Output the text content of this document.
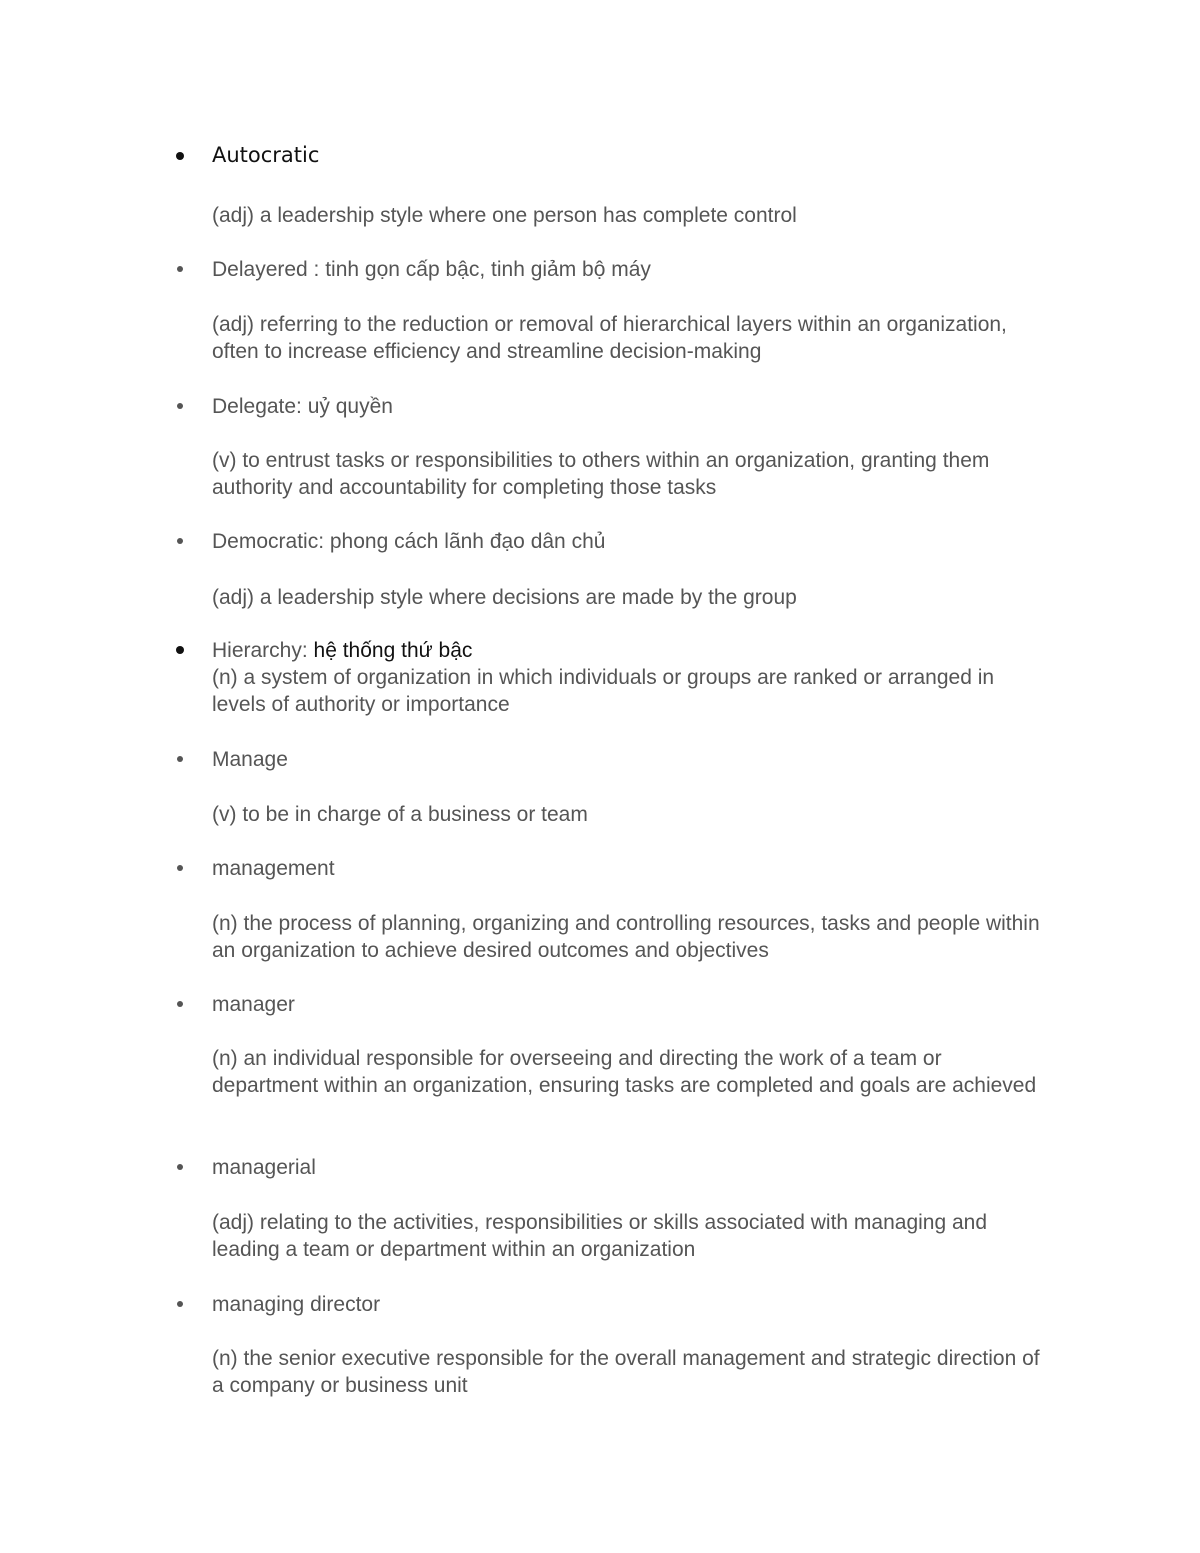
Autocratic
(adj) a leadership style where one person has complete control
Delayered : tinh gọn cấp bậc, tinh giảm bộ máy
(adj) referring to the reduction or removal of hierarchical layers within an organization, often to increase efficiency and streamline decision-making
Delegate: uỷ quyền
(v) to entrust tasks or responsibilities to others within an organization, granting them authority and accountability for completing those tasks
Democratic: phong cách lãnh đạo dân chủ
(adj) a leadership style where decisions are made by the group
Hierarchy: hệ thống thứ bậc
(n) a system of organization in which individuals or groups are ranked or arranged in levels of authority or importance
Manage
(v) to be in charge of a business or team
management
(n) the process of planning, organizing and controlling resources, tasks and people within an organization to achieve desired outcomes and objectives
manager
(n) an individual responsible for overseeing and directing the work of a team or department within an organization, ensuring tasks are completed and goals are achieved
managerial
(adj) relating to the activities, responsibilities or skills associated with managing and leading a team or department within an organization
managing director
(n) the senior executive responsible for the overall management and strategic direction of a company or business unit
